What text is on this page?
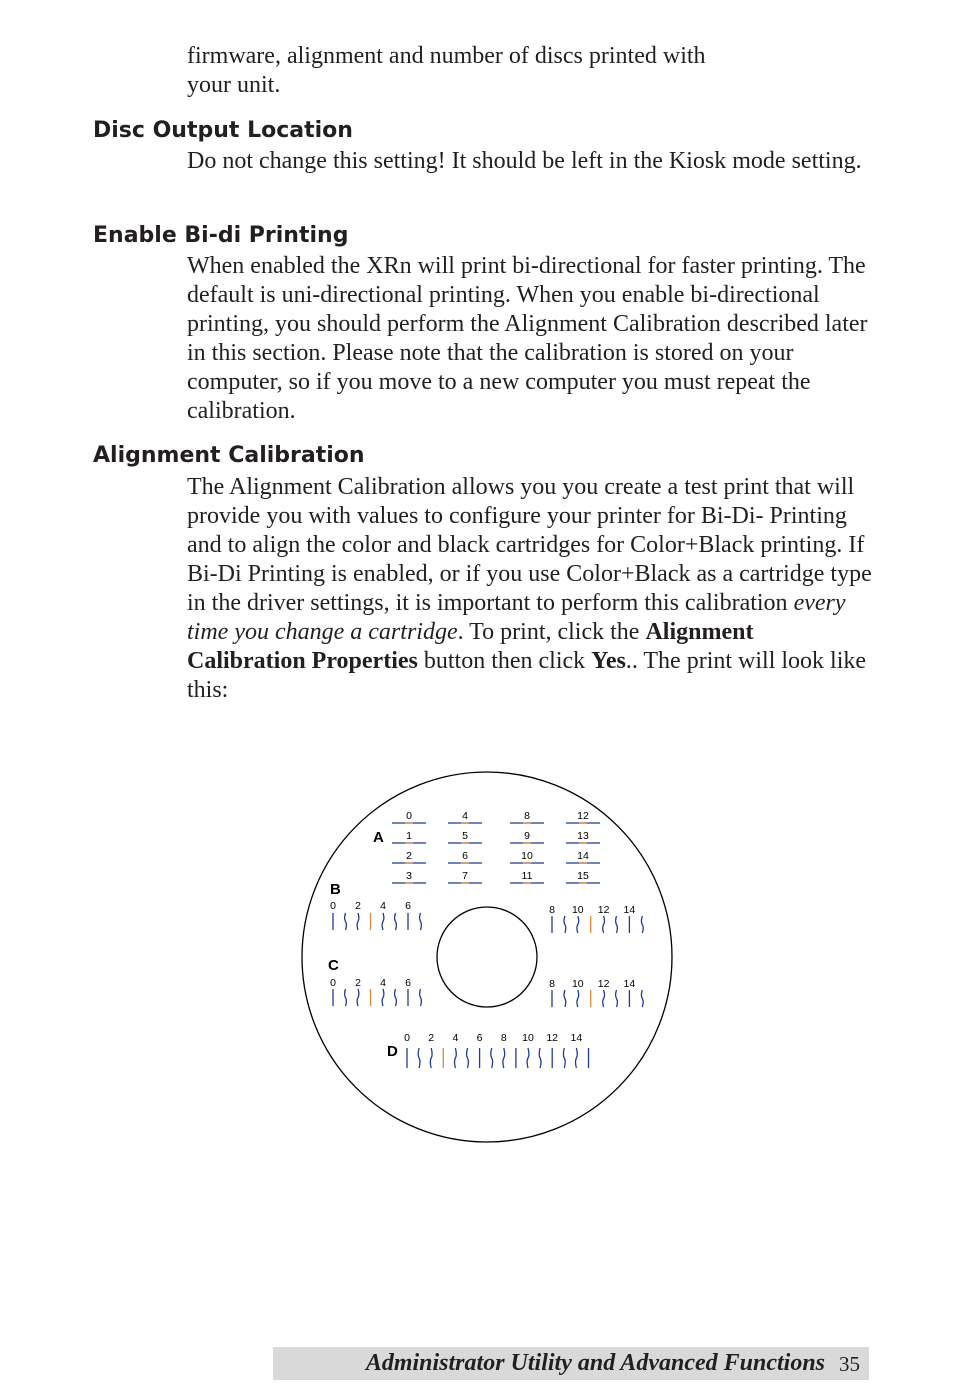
firmware, alignment and number of discs printed with
your unit.

Disc Output Location

Do not change this setting! It should be left in the Kiosk mode setting.

Enable Bi-di Printing

When enabled the XRn will print bi-directional for faster printing. The default is uni-directional printing. When you enable bi-directional printing, you should perform the Alignment Calibration described later in this section. Please note that the calibration is stored on your computer, so if you move to a new computer you must repeat the calibration.

Alignment Calibration

The Alignment Calibration allows you you create a test print that will provide you with values to configure your printer for Bi-Di- Printing and to align the color and black cartridges for Color+Black printing. If Bi-Di Printing is enabled, or if you use Color+Black as a cartridge type in the driver settings, it is important to perform this calibration every time you change a cartridge. To print, click the Alignment Calibration Properties button then click Yes.. The print will look like this:

A
B
C
D
0
1
2
3
4
5
6
7
8
9
10
11
12
13
14
15
0 2 4 6	8 10 12 14
0 2 4 6	8 10 12 14
0 2 4 6 8 10 12 14
Administrator Utility and Advanced Functions 35
